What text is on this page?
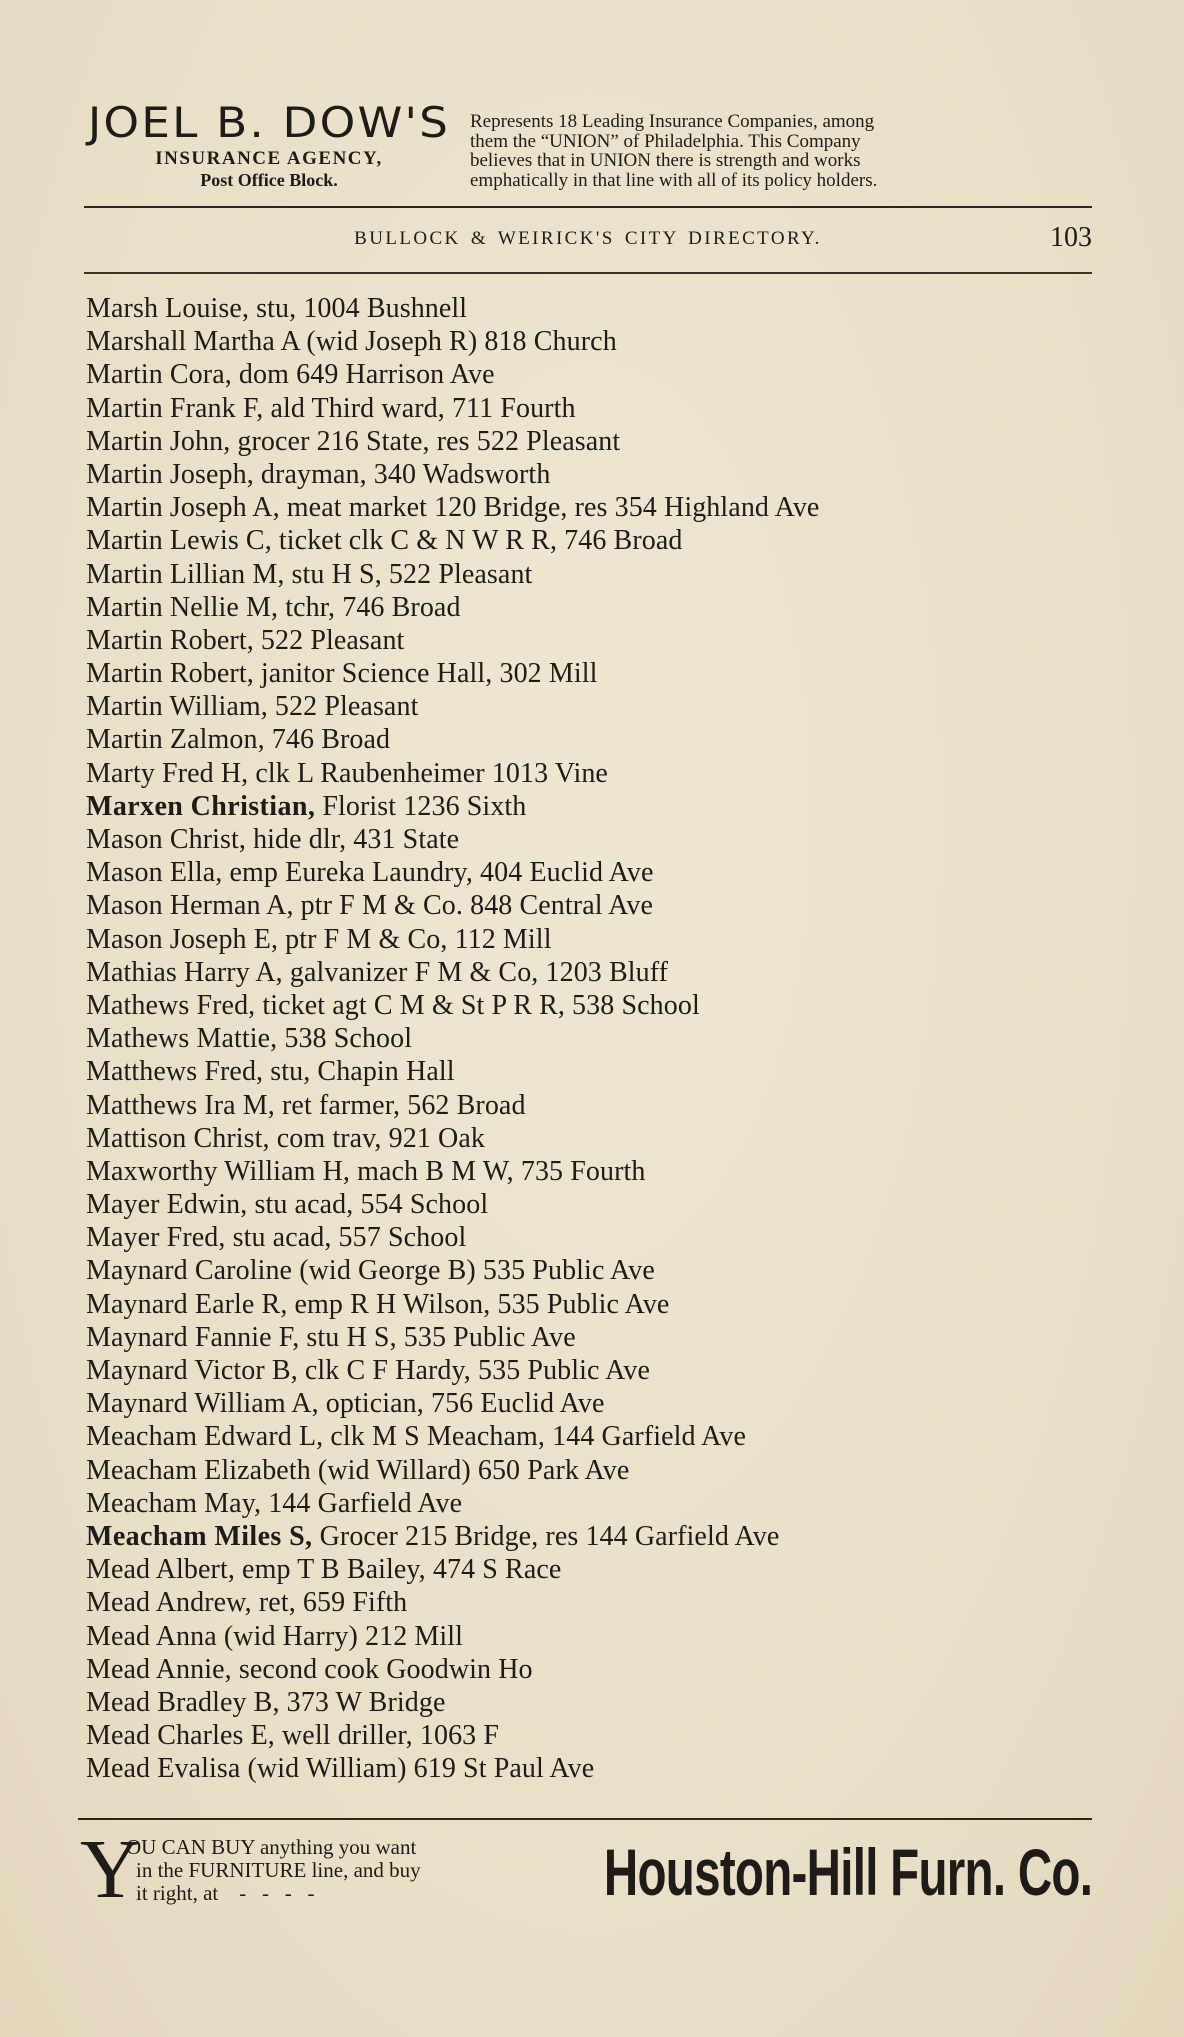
JOEL B. DOW'S
INSURANCE AGENCY,
Post Office Block.
Represents 18 Leading Insurance Companies, among
them the “UNION” of Philadelphia. This Company
believes that in UNION there is strength and works
emphatically in that line with all of its policy holders.
BULLOCK & WEIRICK'S CITY DIRECTORY.	103
Marsh Louise, stu, 1004 Bushnell
Marshall Martha A (wid Joseph R) 818 Church
Martin Cora, dom 649 Harrison Ave
Martin Frank F, ald Third ward, 711 Fourth
Martin John, grocer 216 State, res 522 Pleasant
Martin Joseph, drayman, 340 Wadsworth
Martin Joseph A, meat market 120 Bridge, res 354 Highland Ave
Martin Lewis C, ticket clk C & N W R R, 746 Broad
Martin Lillian M, stu H S, 522 Pleasant
Martin Nellie M, tchr, 746 Broad
Martin Robert, 522 Pleasant
Martin Robert, janitor Science Hall, 302 Mill
Martin William, 522 Pleasant
Martin Zalmon, 746 Broad
Marty Fred H, clk L Raubenheimer 1013 Vine
Marxen Christian, Florist 1236 Sixth
Mason Christ, hide dlr, 431 State
Mason Ella, emp Eureka Laundry, 404 Euclid Ave
Mason Herman A, ptr F M & Co. 848 Central Ave
Mason Joseph E, ptr F M & Co, 112 Mill
Mathias Harry A, galvanizer F M & Co, 1203 Bluff
Mathews Fred, ticket agt C M & St P R R, 538 School
Mathews Mattie, 538 School
Matthews Fred, stu, Chapin Hall
Matthews Ira M, ret farmer, 562 Broad
Mattison Christ, com trav, 921 Oak
Maxworthy William H, mach B M W, 735 Fourth
Mayer Edwin, stu acad, 554 School
Mayer Fred, stu acad, 557 School
Maynard Caroline (wid George B) 535 Public Ave
Maynard Earle R, emp R H Wilson, 535 Public Ave
Maynard Fannie F, stu H S, 535 Public Ave
Maynard Victor B, clk C F Hardy, 535 Public Ave
Maynard William A, optician, 756 Euclid Ave
Meacham Edward L, clk M S Meacham, 144 Garfield Ave
Meacham Elizabeth (wid Willard) 650 Park Ave
Meacham May, 144 Garfield Ave
Meacham Miles S, Grocer 215 Bridge, res 144 Garfield Ave
Mead Albert, emp T B Bailey, 474 S Race
Mead Andrew, ret, 659 Fifth
Mead Anna (wid Harry) 212 Mill
Mead Annie, second cook Goodwin Ho
Mead Bradley B, 373 W Bridge
Mead Charles E, well driller, 1063 F
Mead Evalisa (wid William) 619 St Paul Ave
Y
OU CAN BUY anything you want
in the FURNITURE line, and buy
it right, at    -   -   -   -	Houston-Hill Furn. Co.
